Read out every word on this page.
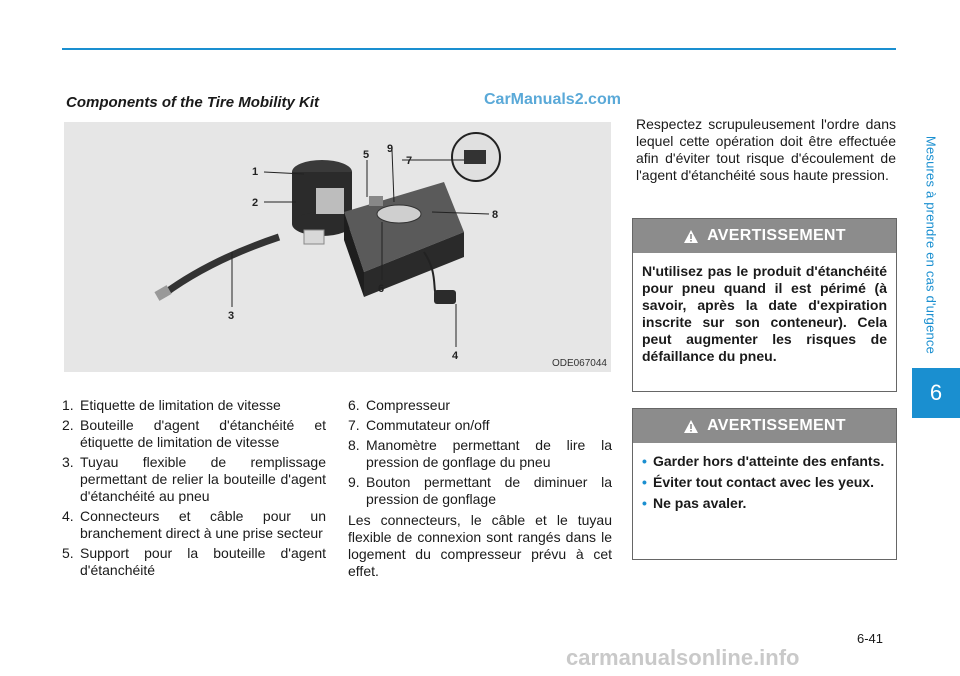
Mesures à prendre en cas d'urgence
6
Components of the Tire Mobility Kit	CarManuals2.com
1
2
3
4
5
6
7
8
9
ODE067044
1. Etiquette de limitation de vitesse
2. Bouteille d'agent d'étanchéité et étiquette de limitation de vitesse
3. Tuyau flexible de remplissage permettant de relier la bouteille d'agent d'étanchéité au pneu
4. Connecteurs et câble pour un branchement direct à une prise secteur
5. Support pour la bouteille d'agent d'étanchéité
6. Compresseur
7. Commutateur on/off
8. Manomètre permettant de lire la pression de gonflage du pneu
9. Bouton permettant de diminuer la pression de gonflage
Les connecteurs, le câble et le tuyau flexible de connexion sont rangés dans le logement du compresseur prévu à cet effet.
Respectez scrupuleusement l'ordre dans lequel cette opération doit être effectuée afin d'éviter tout risque d'écoulement de l'agent d'étanchéité sous haute pression.
AVERTISSEMENT
N'utilisez pas le produit d'étanchéité pour pneu quand il est périmé (à savoir, après la date d'expiration inscrite sur son conteneur). Cela peut augmenter les risques de défaillance du pneu.
AVERTISSEMENT
• Garder hors d'atteinte des enfants.
• Éviter tout contact avec les yeux.
• Ne pas avaler.
6-41
carmanualsonline.info
